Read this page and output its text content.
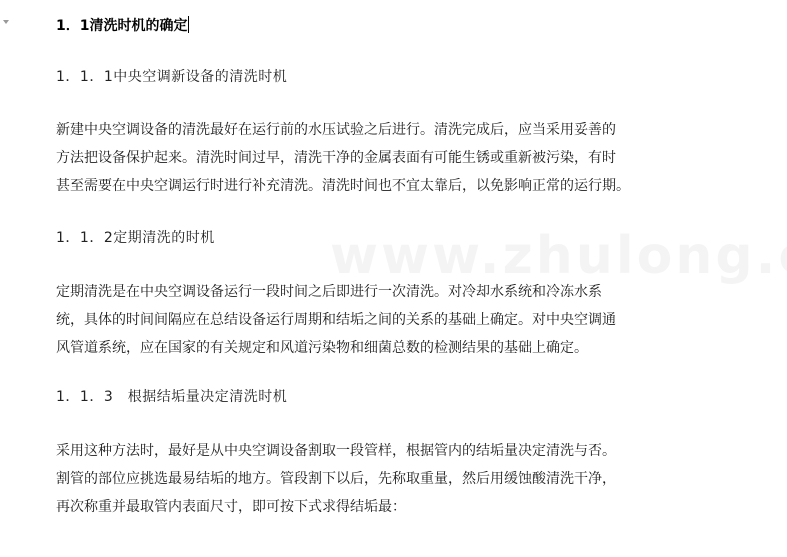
1．1清洗时机的确定
1．1．1中央空调新设备的清洗时机
新建中央空调设备的清洗最好在运行前的水压试验之后进行。清洗完成后，应当采用妥善的
方法把设备保护起来。清洗时间过早，清洗干净的金属表面有可能生锈或重新被污染，有时
甚至需要在中央空调运行时进行补充清洗。清洗时间也不宜太靠后，以免影响正常的运行期。
1．1．2定期清洗的时机
定期清洗是在中央空调设备运行一段时间之后即进行一次清洗。对冷却水系统和冷冻水系
统，具体的时间间隔应在总结设备运行周期和结垢之间的关系的基础上确定。对中央空调通
风管道系统，应在国家的有关规定和风道污染物和细菌总数的检测结果的基础上确定。
1．1．3　根据结垢量决定清洗时机
采用这种方法时，最好是从中央空调设备割取一段管样，根据管内的结垢量决定清洗与否。
割管的部位应挑选最易结垢的地方。管段割下以后，先称取重量，然后用缓蚀酸清洗干净，
再次称重并最取管内表面尺寸，即可按下式求得结垢最：
